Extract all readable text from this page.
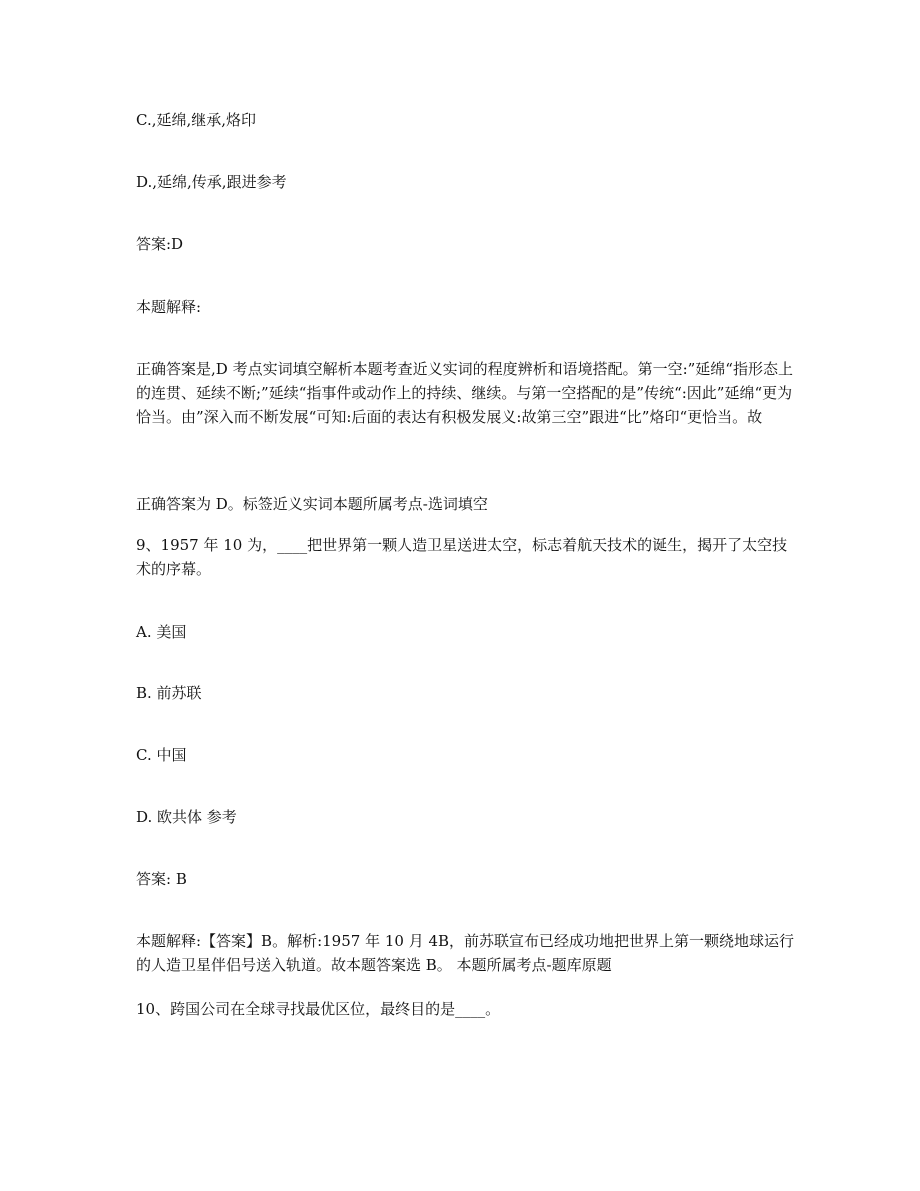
C.,延绵,继承,烙印
D.,延绵,传承,跟进参考
答案:D
本题解释:
正确答案是,D 考点实词填空解析本题考查近义实词的程度辨析和语境搭配。第一空:”延绵“指形态上的连贯、延续不断;”延续“指事件或动作上的持续、继续。与第一空搭配的是”传统“:因此”延绵“更为恰当。由”深入而不断发展“可知:后面的表达有积极发展义:故第三空”跟进“比”烙印“更恰当。故
正确答案为 D。标签近义实词本题所属考点-选词填空
9、1957 年 10 为，____把世界第一颗人造卫星送进太空，标志着航天技术的诞生，揭开了太空技术的序幕。
A. 美国
B. 前苏联
C. 中国
D. 欧共体 参考
答案: B
本题解释:【答案】B。解析:1957 年 10 月 4B，前苏联宣布已经成功地把世界上第一颗绕地球运行的人造卫星伴侣号送入轨道。故本题答案选 B。 本题所属考点-题库原题
10、跨国公司在全球寻找最优区位，最终目的是____。
